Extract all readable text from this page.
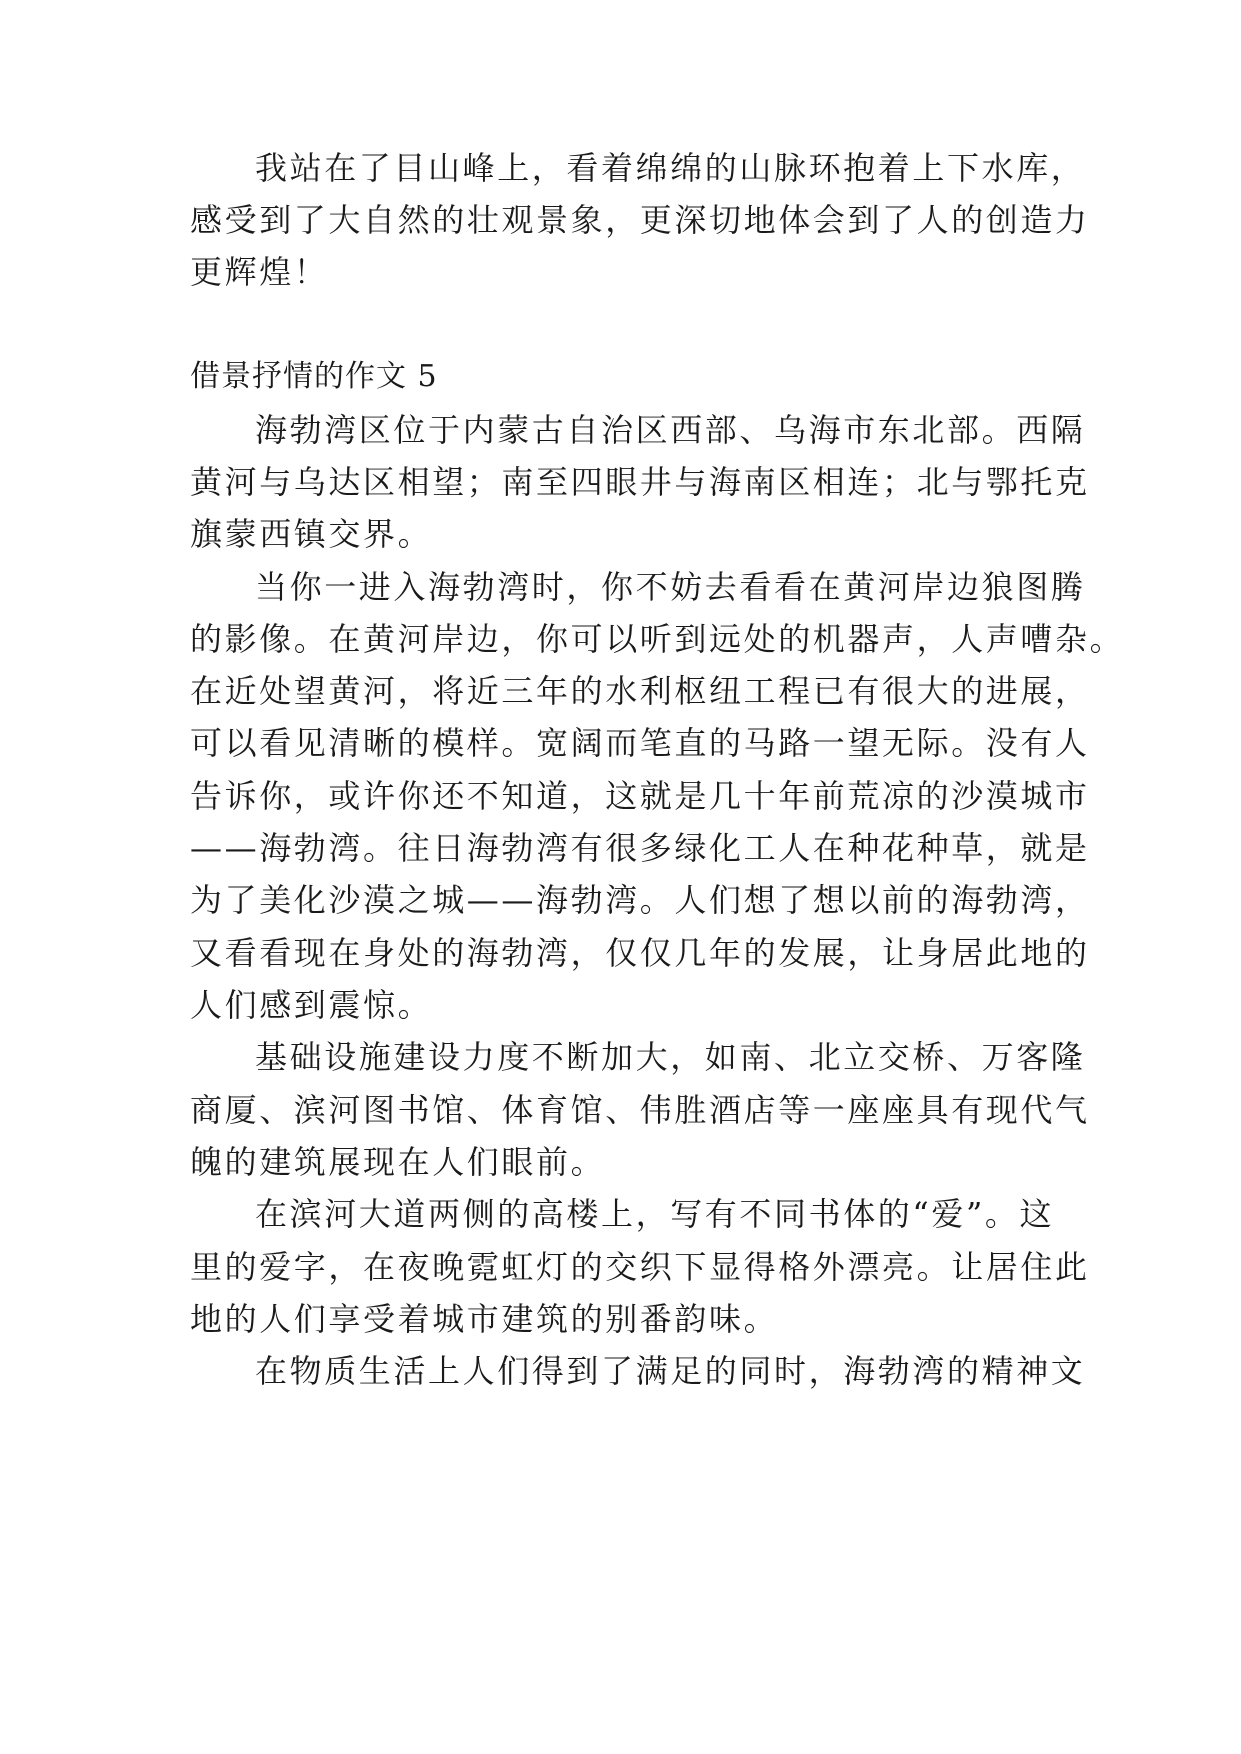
我站在了目山峰上，看着绵绵的山脉环抱着上下水库，
感受到了大自然的壮观景象，更深切地体会到了人的创造力
更辉煌！
借景抒情的作文 5
海勃湾区位于内蒙古自治区西部、乌海市东北部。西隔
黄河与乌达区相望；南至四眼井与海南区相连；北与鄂托克
旗蒙西镇交界。
当你一进入海勃湾时，你不妨去看看在黄河岸边狼图腾
的影像。在黄河岸边，你可以听到远处的机器声，人声嘈杂。
在近处望黄河，将近三年的水利枢纽工程已有很大的进展，
可以看见清晰的模样。宽阔而笔直的马路一望无际。没有人
告诉你，或许你还不知道，这就是几十年前荒凉的沙漠城市
——海勃湾。往日海勃湾有很多绿化工人在种花种草，就是
为了美化沙漠之城——海勃湾。人们想了想以前的海勃湾，
又看看现在身处的海勃湾，仅仅几年的发展，让身居此地的
人们感到震惊。
基础设施建设力度不断加大，如南、北立交桥、万客隆
商厦、滨河图书馆、体育馆、伟胜酒店等一座座具有现代气
魄的建筑展现在人们眼前。
在滨河大道两侧的高楼上，写有不同书体的“爱”。这
里的爱字，在夜晚霓虹灯的交织下显得格外漂亮。让居住此
地的人们享受着城市建筑的别番韵味。
在物质生活上人们得到了满足的同时，海勃湾的精神文
